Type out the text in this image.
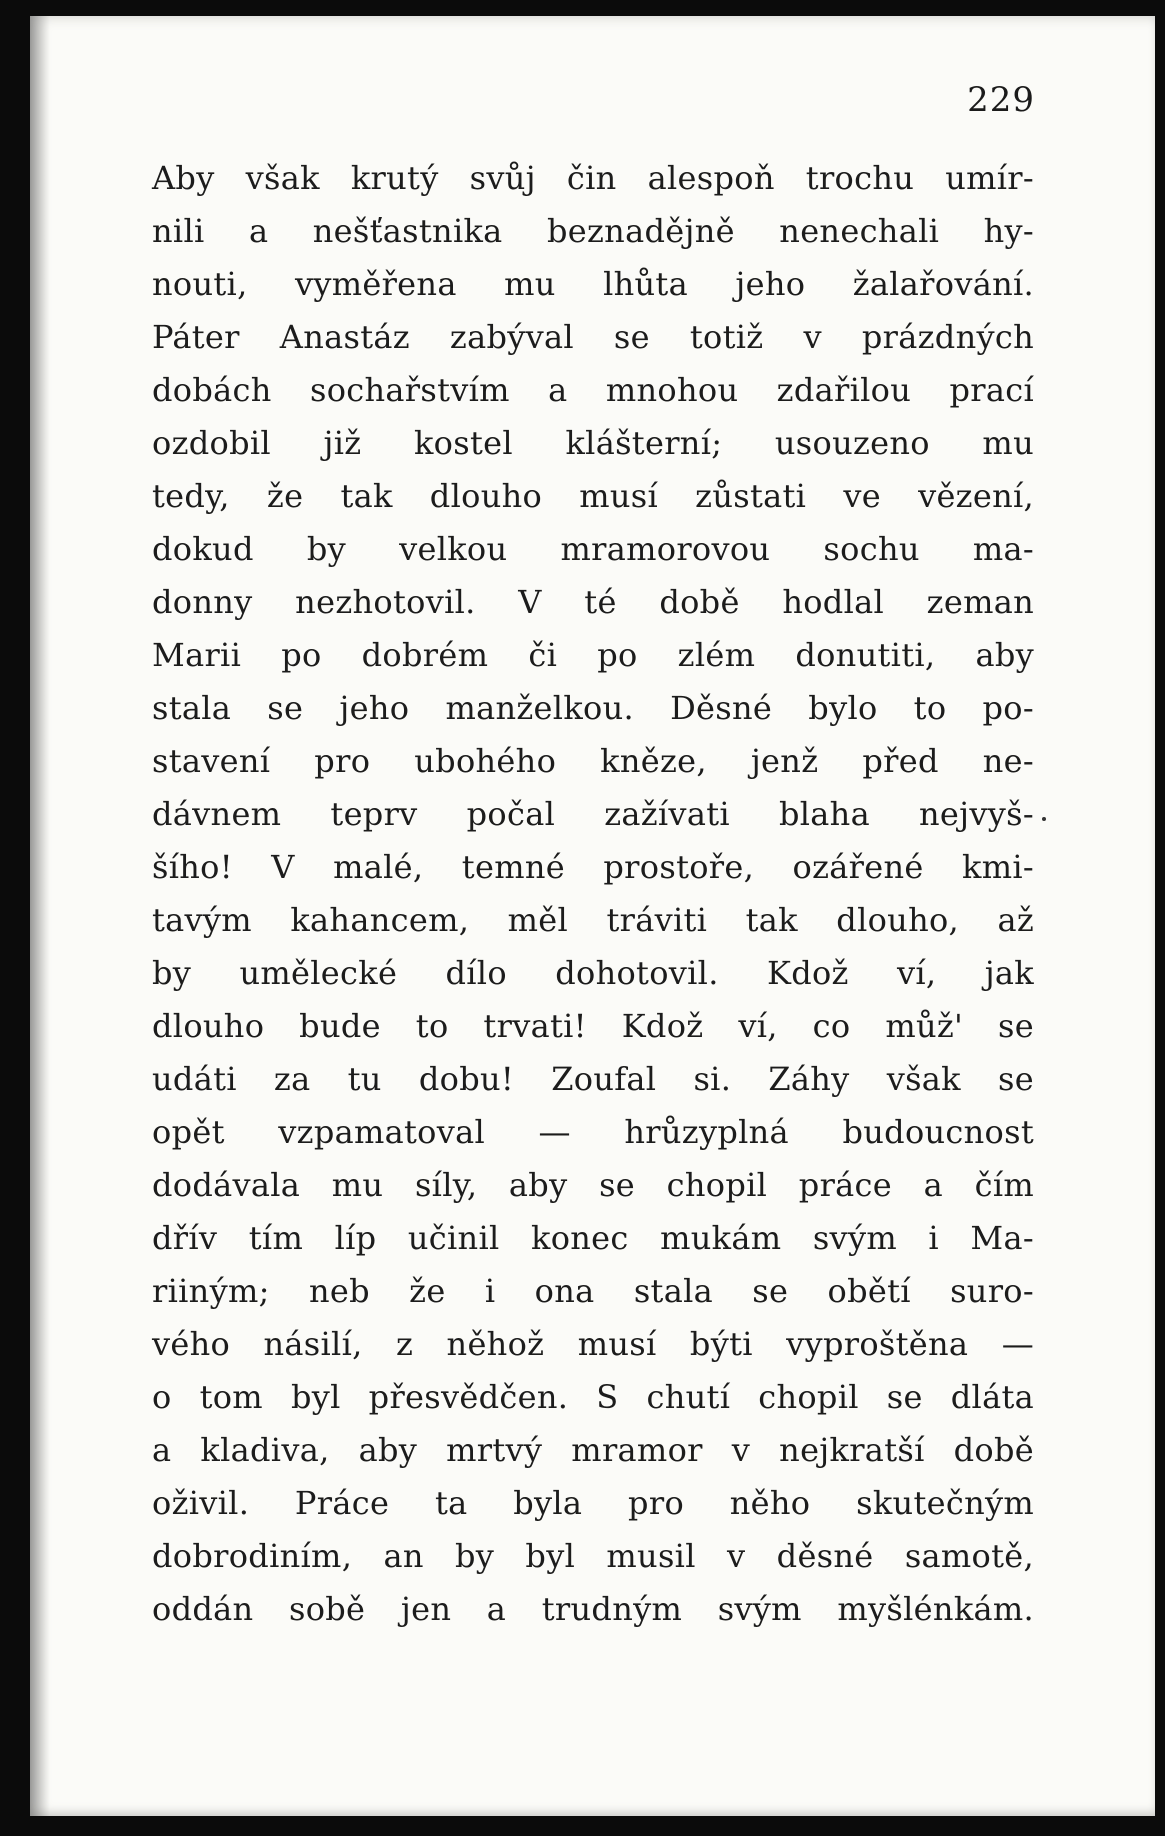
229
Aby však krutý svůj čin alespoň trochu umír-
nili a nešťastnika beznadějně nenechali hy-
nouti, vyměřena mu lhůta jeho žalařování.
Páter Anastáz zabýval se totiž v prázdných
dobách sochařstvím a mnohou zdařilou prací
ozdobil již kostel klášterní; usouzeno mu
tedy, že tak dlouho musí zůstati ve vězení,
dokud by velkou mramorovou sochu ma-
donny nezhotovil. V té době hodlal zeman
Marii po dobrém či po zlém donutiti, aby
stala se jeho manželkou. Děsné bylo to po-
stavení pro ubohého kněze, jenž před ne-
dávnem teprv počal zažívati blaha nejvyš-
šího! V malé, temné prostoře, ozářené kmi-
tavým kahancem, měl tráviti tak dlouho, až
by umělecké dílo dohotovil. Kdož ví, jak
dlouho bude to trvati! Kdož ví, co můž' se
udáti za tu dobu! Zoufal si. Záhy však se
opět vzpamatoval — hrůzyplná budoucnost
dodávala mu síly, aby se chopil práce a čím
dřív tím líp učinil konec mukám svým i Ma-
riiným; neb že i ona stala se obětí suro-
vého násilí, z něhož musí býti vyproštěna —
o tom byl přesvědčen. S chutí chopil se dláta
a kladiva, aby mrtvý mramor v nejkratší době
oživil. Práce ta byla pro něho skutečným
dobrodiním, an by byl musil v děsné samotě,
oddán sobě jen a trudným svým myšlénkám.
